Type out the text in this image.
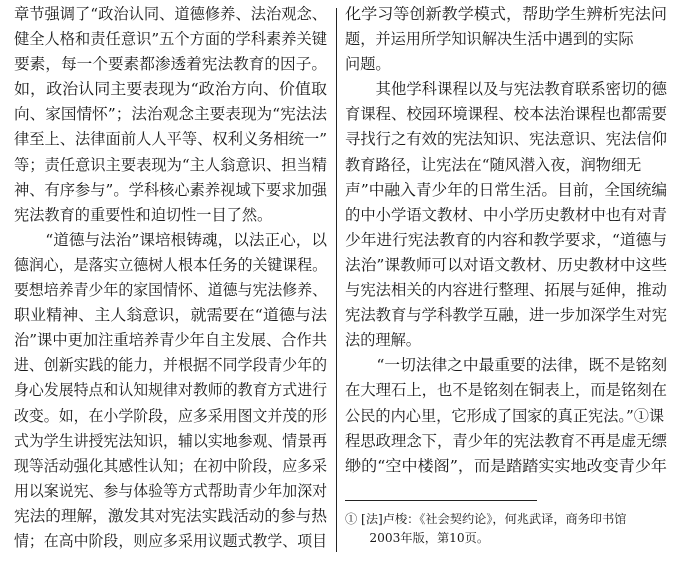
章节强调了“政治认同、道德修养、法治观念、
健全人格和责任意识”五个方面的学科素养关键
要素，每一个要素都渗透着宪法教育的因子。
如，政治认同主要表现为“政治方向、价值取
向、家国情怀”；法治观念主要表现为“宪法法
律至上、法律面前人人平等、权利义务相统一”
等；责任意识主要表现为“主人翁意识、担当精
神、有序参与”。学科核心素养视域下要求加强
宪法教育的重要性和迫切性一目了然。
　　“道德与法治”课培根铸魂，以法正心，以
德润心，是落实立德树人根本任务的关键课程。
要想培养青少年的家国情怀、道德与宪法修养、
职业精神、主人翁意识，就需要在“道德与法
治”课中更加注重培养青少年自主发展、合作共
进、创新实践的能力，并根据不同学段青少年的
身心发展特点和认知规律对教师的教育方式进行
改变。如，在小学阶段，应多采用图文并茂的形
式为学生讲授宪法知识，辅以实地参观、情景再
现等活动强化其感性认知；在初中阶段，应多采
用以案说宪、参与体验等方式帮助青少年加深对
宪法的理解，激发其对宪法实践活动的参与热
情；在高中阶段，则应多采用议题式教学、项目
化学习等创新教学模式，帮助学生辨析宪法问
题，并运用所学知识解决生活中遇到的实际
问题。
　　其他学科课程以及与宪法教育联系密切的德
育课程、校园环境课程、校本法治课程也都需要
寻找行之有效的宪法知识、宪法意识、宪法信仰
教育路径，让宪法在“随风潜入夜，润物细无
声”中融入青少年的日常生活。目前，全国统编
的中小学语文教材、中小学历史教材中也有对青
少年进行宪法教育的内容和教学要求，“道德与
法治”课教师可以对语文教材、历史教材中这些
与宪法相关的内容进行整理、拓展与延伸，推动
宪法教育与学科教学互融，进一步加深学生对宪
法的理解。
　　“一切法律之中最重要的法律，既不是铭刻
在大理石上，也不是铭刻在铜表上，而是铭刻在
公民的内心里，它形成了国家的真正宪法。”①课
程思政理念下，青少年的宪法教育不再是虚无缥
缈的“空中楼阁”，而是踏踏实实地改变青少年
① [法]卢梭：《社会契约论》，何兆武译，商务印书馆
　　2003年版，第10页。
